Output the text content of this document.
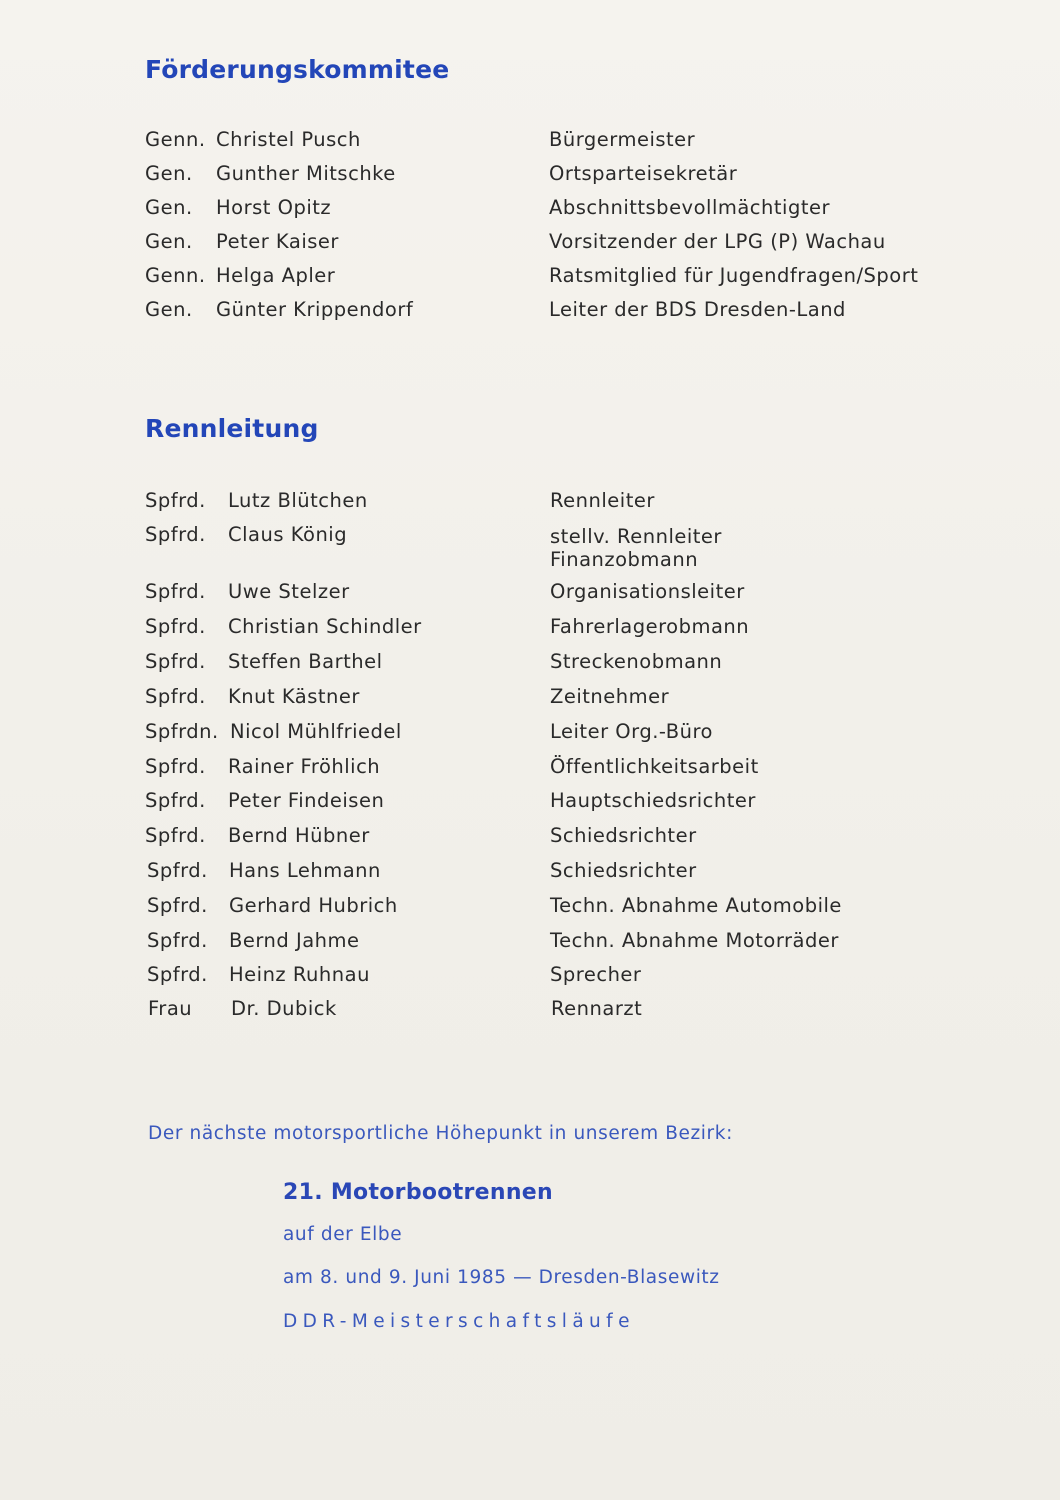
Förderungskommitee
Genn. Christel Pusch	Bürgermeister
Gen. Gunther Mitschke	Ortsparteisekretär
Gen. Horst Opitz	Abschnittsbevollmächtigter
Gen. Peter Kaiser	Vorsitzender der LPG (P) Wachau
Genn. Helga Apler	Ratsmitglied für Jugendfragen/Sport
Gen. Günter Krippendorf	Leiter der BDS Dresden-Land
Rennleitung
Spfrd. Lutz Blütchen	Rennleiter
Spfrd. Claus König	stellv. Rennleiter
Finanzobmann
Spfrd. Uwe Stelzer	Organisationsleiter
Spfrd. Christian Schindler	Fahrerlagerobmann
Spfrd. Steffen Barthel	Streckenobmann
Spfrd. Knut Kästner	Zeitnehmer
Spfrdn. Nicol Mühlfriedel	Leiter Org.-Büro
Spfrd. Rainer Fröhlich	Öffentlichkeitsarbeit
Spfrd. Peter Findeisen	Hauptschiedsrichter
Spfrd. Bernd Hübner	Schiedsrichter
Spfrd. Hans Lehmann	Schiedsrichter
Spfrd. Gerhard Hubrich	Techn. Abnahme Automobile
Spfrd. Bernd Jahme	Techn. Abnahme Motorräder
Spfrd. Heinz Ruhnau	Sprecher
Frau Dr. Dubick	Rennarzt
Der nächste motorsportliche Höhepunkt in unserem Bezirk:
21. Motorbootrennen
auf der Elbe
am 8. und 9. Juni 1985 — Dresden-Blasewitz
DDR-Meisterschaftsläufe
